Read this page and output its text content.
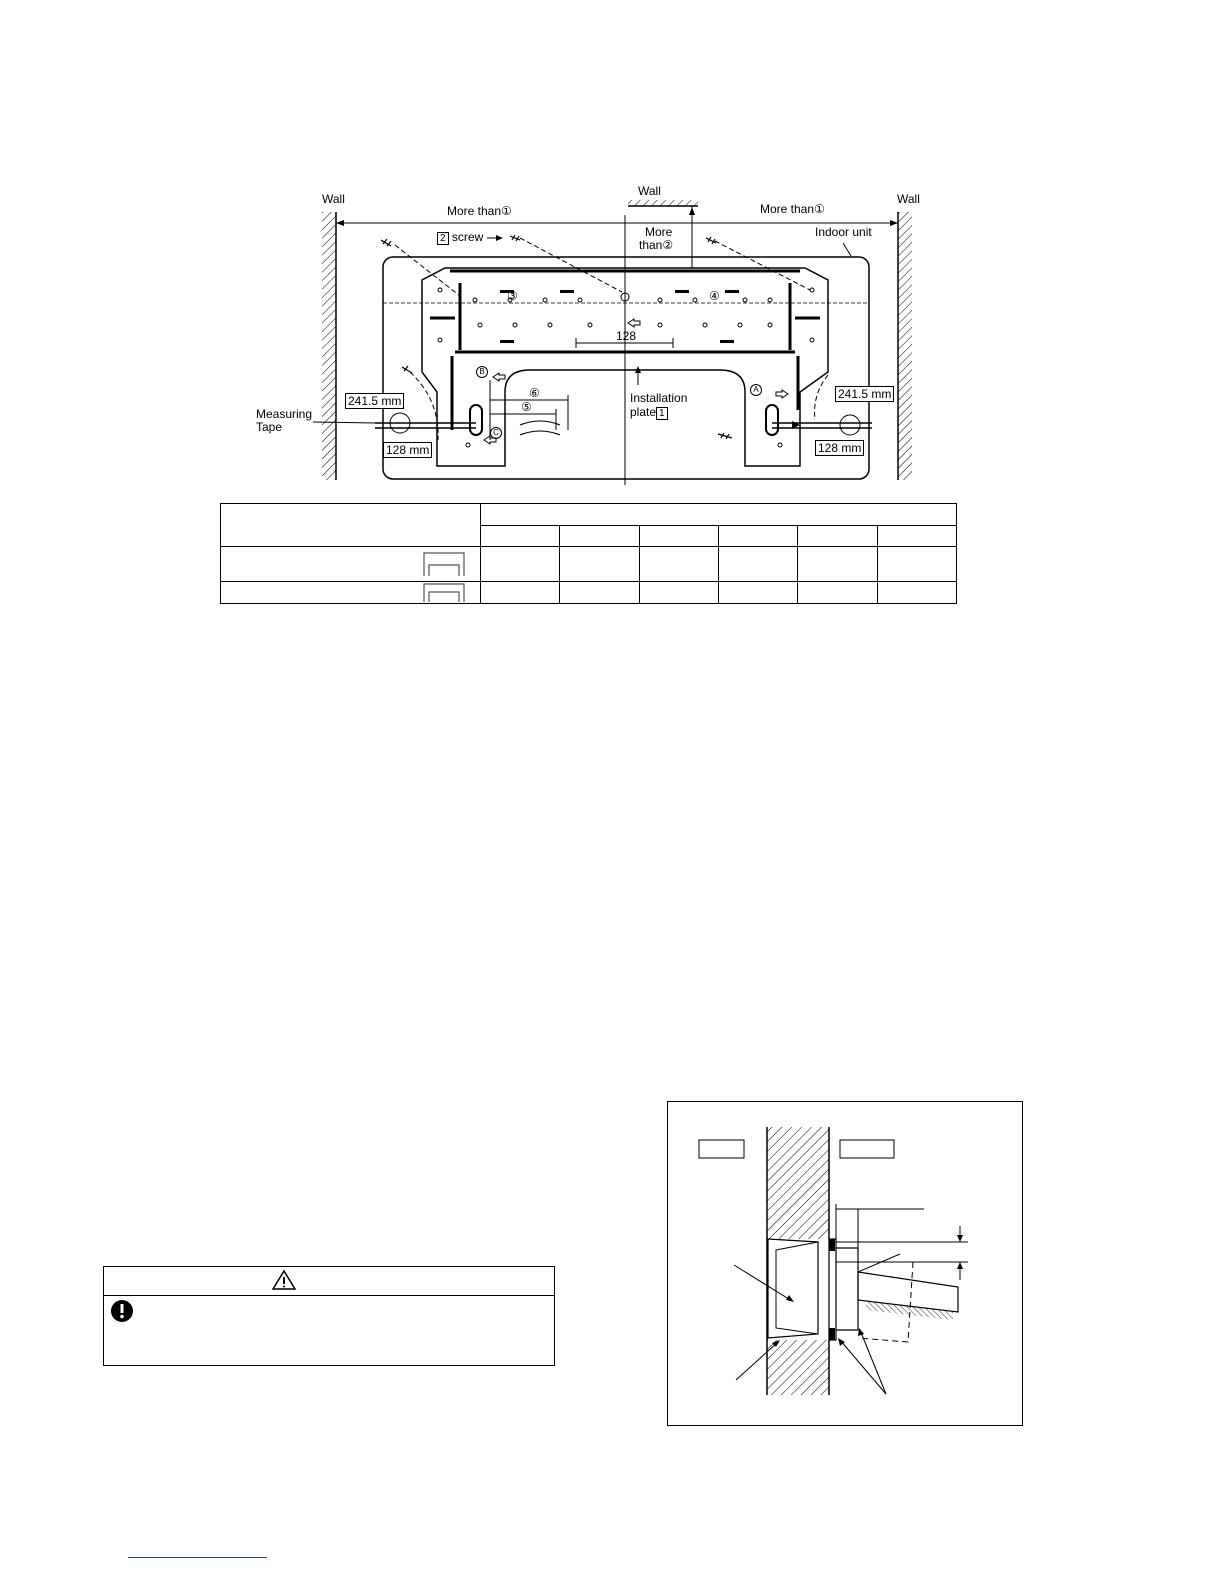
Wall
Wall
Wall
More than①	More than①
More
than②
Indoor unit
2 screw
128
③	④
⑥
⑤
A
B
C
Installation
plate 1
Measuring
Tape
241.5 mm
128 mm
241.5 mm
128 mm
